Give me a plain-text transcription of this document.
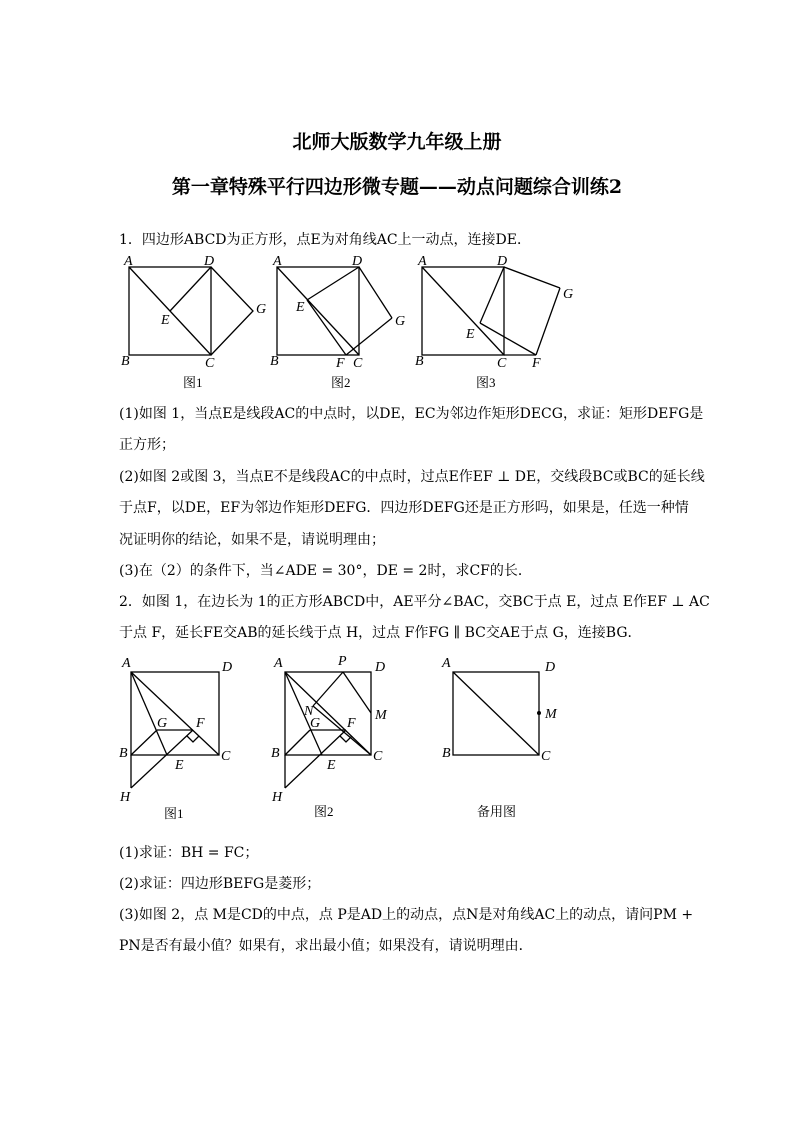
北师大版数学九年级上册
第一章特殊平行四边形微专题——动点问题综合训练2
1．四边形ABCD为正方形，点E为对角线AC上一动点，连接DE．
A	D
B	C
E
G
图1
A	D
B	C
E
F
G
图2
A	D
B	C
E
F
G
图3
(1)如图 1，当点E是线段AC的中点时，以DE，EC为邻边作矩形DECG，求证：矩形DEFG是
正方形；
(2)如图 2或图 3，当点E不是线段AC的中点时，过点E作EF ⊥ DE，交线段BC或BC的延长线
于点F，以DE，EF为邻边作矩形DEFG．四边形DEFG还是正方形吗，如果是，任选一种情
况证明你的结论，如果不是，请说明理由；
(3)在（2）的条件下，当∠ADE = 30°，DE = 2时，求CF的长．
2．如图 1，在边长为 1的正方形ABCD中，AE平分∠BAC，交BC于点 E，过点 E作EF ⊥ AC
于点 F，延长FE交AB的延长线于点 H，过点 F作FG ∥ BC交AE于点 G，连接BG．
A	D
B	C
G F
E
H
图1
A	P D
N	M
G F
B	C
E
H
图2
A	D
M
B	C
备用图
(1)求证：BH = FC；
(2)求证：四边形BEFG是菱形；
(3)如图 2，点 M是CD的中点，点 P是AD上的动点，点N是对角线AC上的动点，请问PM +
PN是否有最小值？如果有，求出最小值；如果没有，请说明理由．
